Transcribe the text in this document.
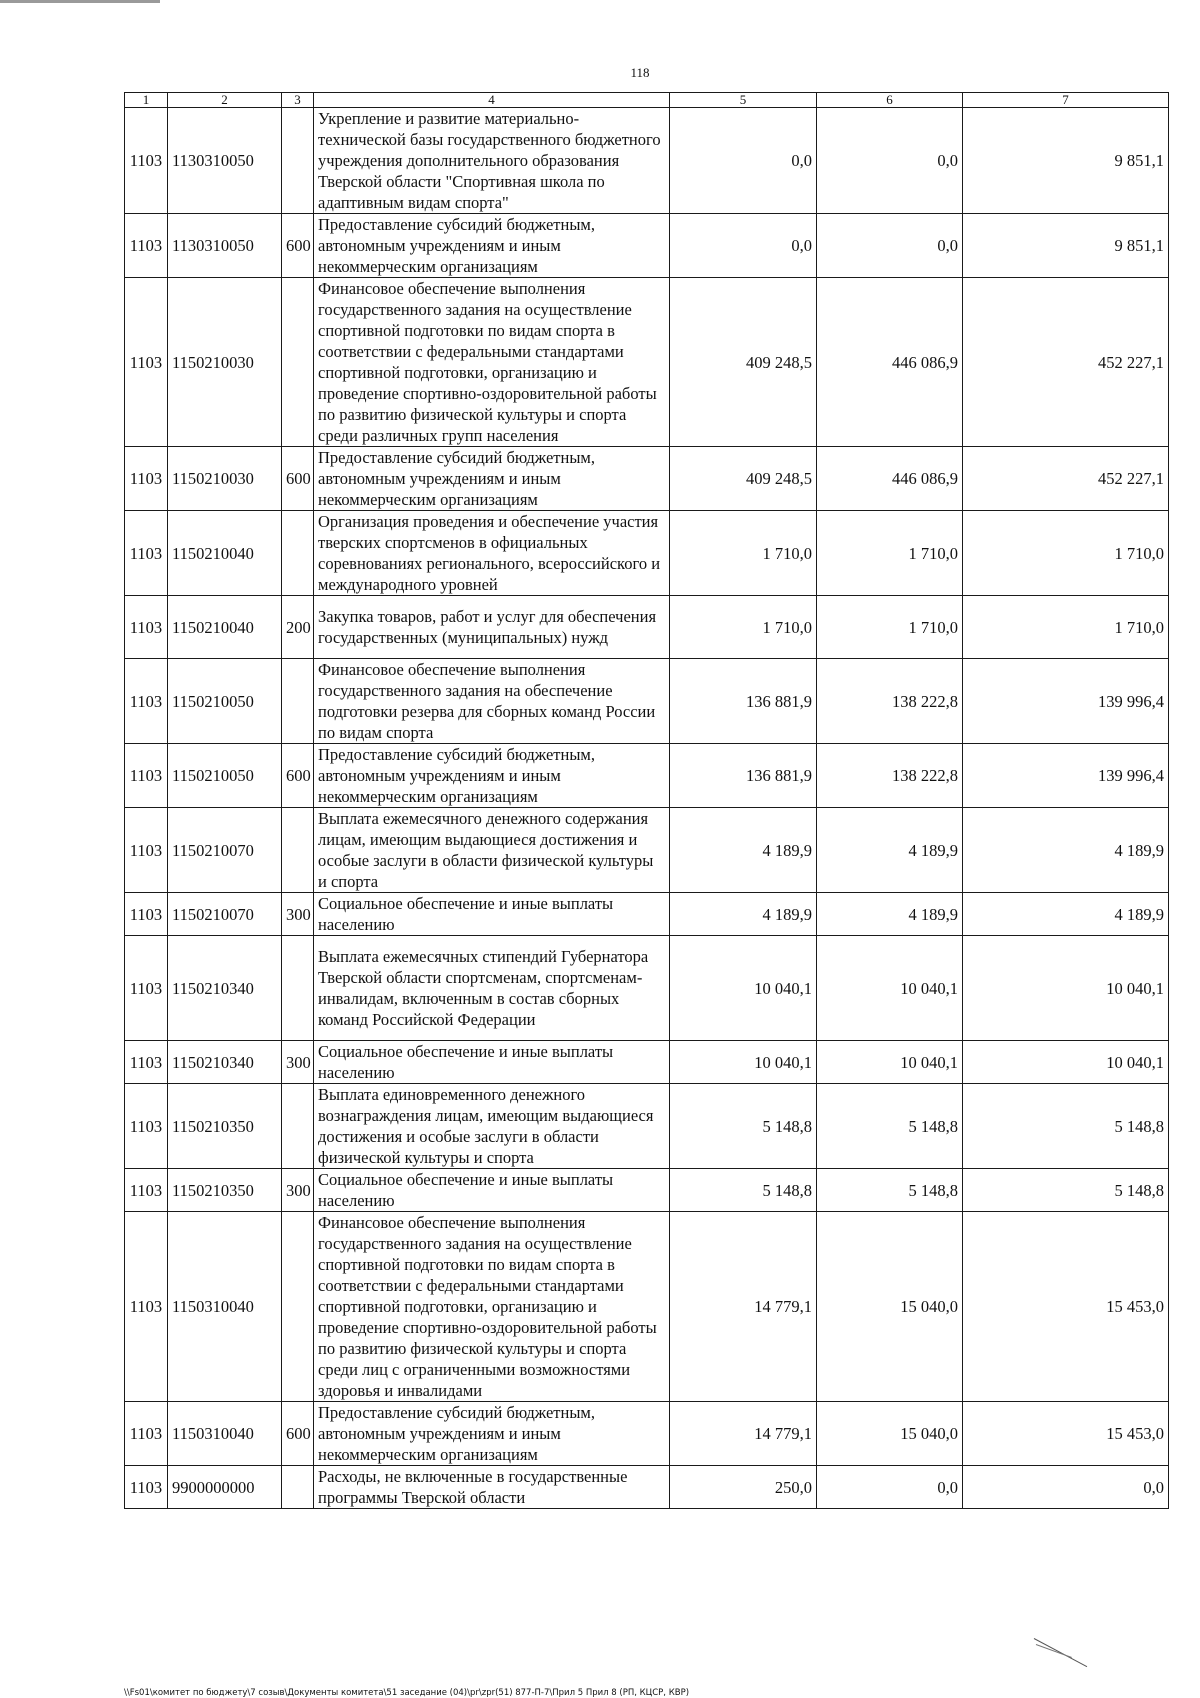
118
1	2	3	4	5	6	7
1103	1130310050		Укрепление и развитие материально-технической базы государственного бюджетного учреждения дополнительного образования Тверской области "Спортивная школа по адаптивным видам спорта"	0,0	0,0	9 851,1
1103	1130310050	600	Предоставление субсидий бюджетным, автономным учреждениям и иным некоммерческим организациям	0,0	0,0	9 851,1
1103	1150210030		Финансовое обеспечение выполнения государственного задания на осуществление спортивной подготовки по видам спорта в соответствии с федеральными стандартами спортивной подготовки, организацию и проведение спортивно-оздоровительной работы по развитию физической культуры и спорта среди различных групп населения	409 248,5	446 086,9	452 227,1
1103	1150210030	600	Предоставление субсидий бюджетным, автономным учреждениям и иным некоммерческим организациям	409 248,5	446 086,9	452 227,1
1103	1150210040		Организация проведения и обеспечение участия тверских спортсменов в официальных соревнованиях регионального, всероссийского и международного уровней	1 710,0	1 710,0	1 710,0
1103	1150210040	200	Закупка товаров, работ и услуг для обеспечения государственных (муниципальных) нужд	1 710,0	1 710,0	1 710,0
1103	1150210050		Финансовое обеспечение выполнения государственного задания на обеспечение подготовки резерва для сборных команд России по видам спорта	136 881,9	138 222,8	139 996,4
1103	1150210050	600	Предоставление субсидий бюджетным, автономным учреждениям и иным некоммерческим организациям	136 881,9	138 222,8	139 996,4
1103	1150210070		Выплата ежемесячного денежного содержания лицам, имеющим выдающиеся достижения и особые заслуги в области физической культуры и спорта	4 189,9	4 189,9	4 189,9
1103	1150210070	300	Социальное обеспечение и иные выплаты населению	4 189,9	4 189,9	4 189,9
1103	1150210340		Выплата ежемесячных стипендий Губернатора Тверской области спортсменам, спортсменам-инвалидам, включенным в состав сборных команд Российской Федерации	10 040,1	10 040,1	10 040,1
1103	1150210340	300	Социальное обеспечение и иные выплаты населению	10 040,1	10 040,1	10 040,1
1103	1150210350		Выплата единовременного денежного вознаграждения лицам, имеющим выдающиеся достижения и особые заслуги в области физической культуры и спорта	5 148,8	5 148,8	5 148,8
1103	1150210350	300	Социальное обеспечение и иные выплаты населению	5 148,8	5 148,8	5 148,8
1103	1150310040		Финансовое обеспечение выполнения государственного задания на осуществление спортивной подготовки по видам спорта в соответствии с федеральными стандартами спортивной подготовки, организацию и проведение спортивно-оздоровительной работы по развитию физической культуры и спорта среди лиц с ограниченными возможностями здоровья и инвалидами	14 779,1	15 040,0	15 453,0
1103	1150310040	600	Предоставление субсидий бюджетным, автономным учреждениям и иным некоммерческим организациям	14 779,1	15 040,0	15 453,0
1103	9900000000		Расходы, не включенные в государственные программы Тверской области	250,0	0,0	0,0
\\Fs01\комитет по бюджету\7 созыв\Документы комитета\51 заседание (04)\pr\zpr(51) 877-П-7\Прил 5 Прил 8 (РП, КЦСР, КВР)
